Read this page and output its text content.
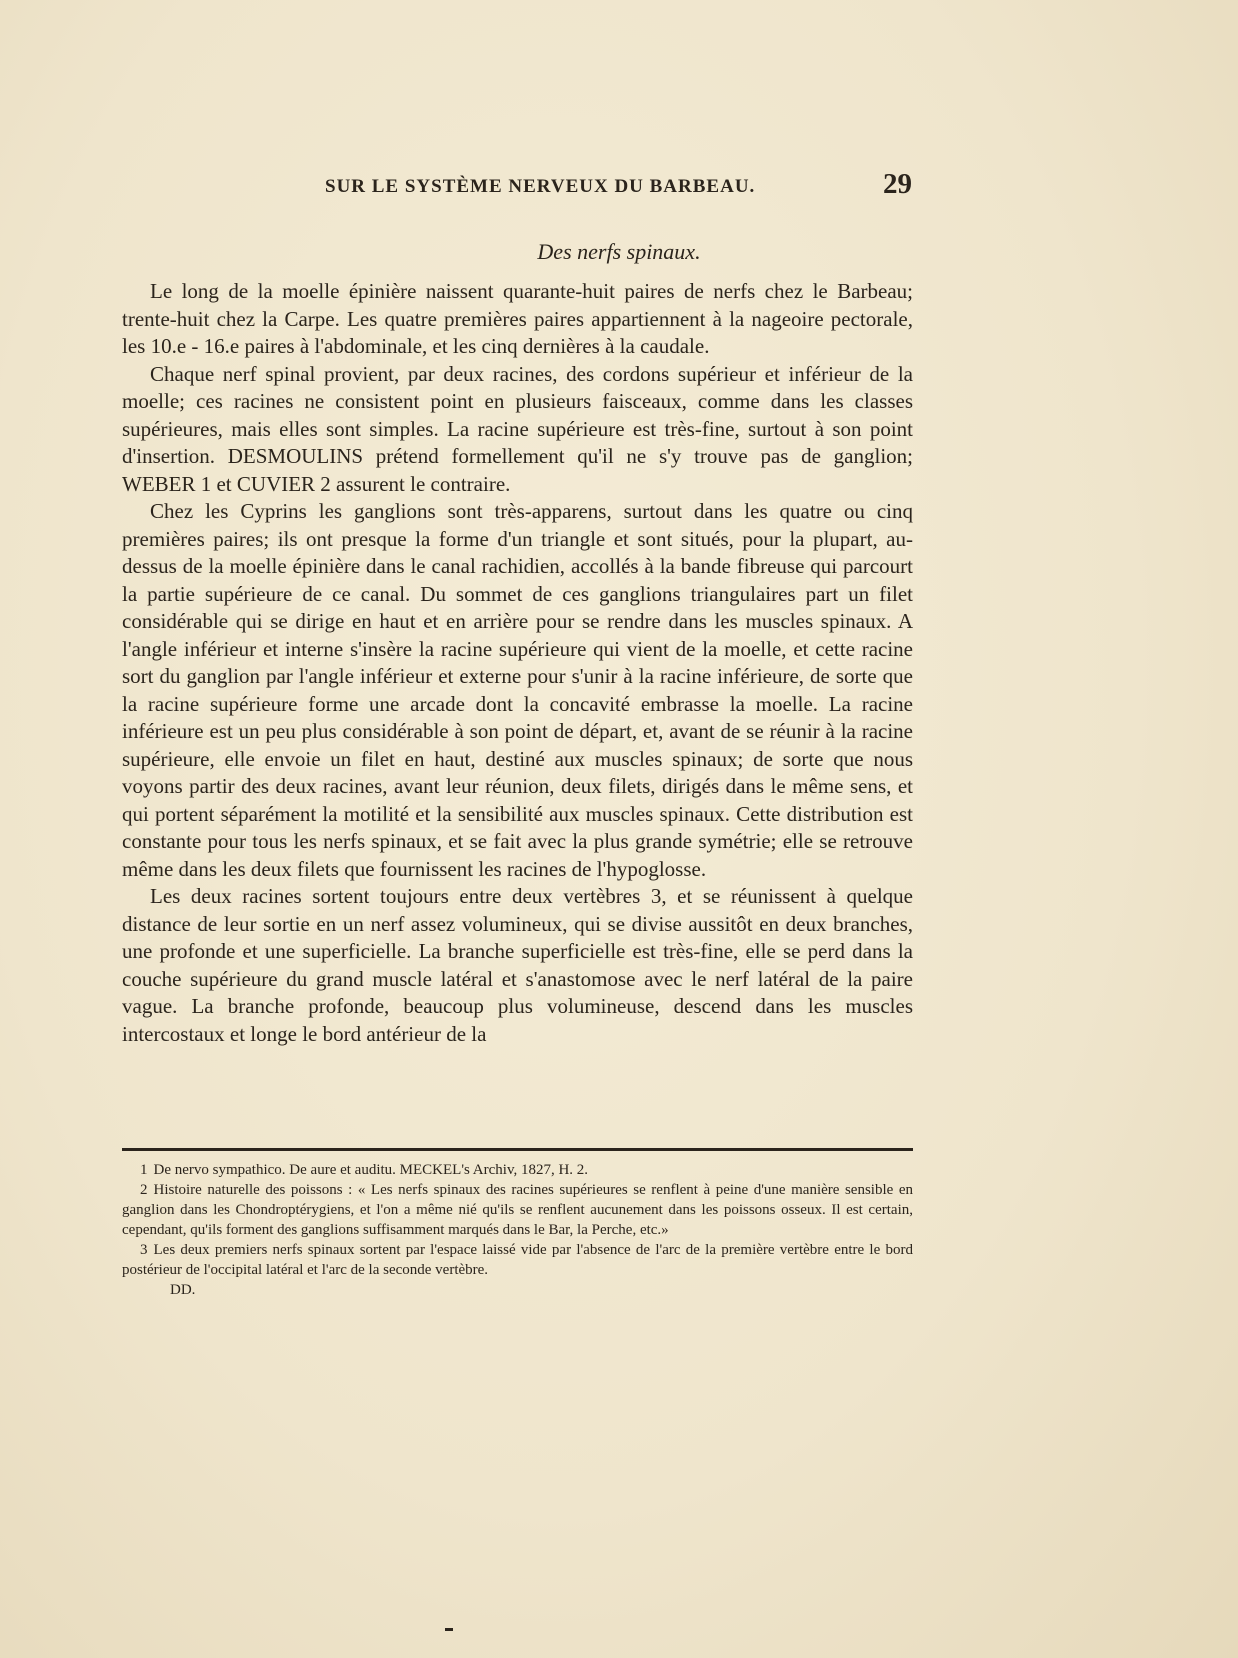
SUR LE SYSTÈME NERVEUX DU BARBEAU.	29
Des nerfs spinaux.

Le long de la moelle épinière naissent quarante-huit paires de nerfs chez le Barbeau; trente-huit chez la Carpe. Les quatre premières paires appartiennent à la nageoire pectorale, les 10.e - 16.e paires à l'abdominale, et les cinq dernières à la caudale.

Chaque nerf spinal provient, par deux racines, des cordons supérieur et inférieur de la moelle; ces racines ne consistent point en plusieurs faisceaux, comme dans les classes supérieures, mais elles sont simples. La racine supérieure est très-fine, surtout à son point d'insertion. DESMOULINS prétend formellement qu'il ne s'y trouve pas de ganglion; WEBER 1 et CUVIER 2 assurent le contraire.

Chez les Cyprins les ganglions sont très-apparens, surtout dans les quatre ou cinq premières paires; ils ont presque la forme d'un triangle et sont situés, pour la plupart, au-dessus de la moelle épinière dans le canal rachidien, accollés à la bande fibreuse qui parcourt la partie supérieure de ce canal. Du sommet de ces ganglions triangulaires part un filet considérable qui se dirige en haut et en arrière pour se rendre dans les muscles spinaux. A l'angle inférieur et interne s'insère la racine supérieure qui vient de la moelle, et cette racine sort du ganglion par l'angle inférieur et externe pour s'unir à la racine inférieure, de sorte que la racine supérieure forme une arcade dont la concavité embrasse la moelle. La racine inférieure est un peu plus considérable à son point de départ, et, avant de se réunir à la racine supérieure, elle envoie un filet en haut, destiné aux muscles spinaux; de sorte que nous voyons partir des deux racines, avant leur réunion, deux filets, dirigés dans le même sens, et qui portent séparément la motilité et la sensibilité aux muscles spinaux. Cette distribution est constante pour tous les nerfs spinaux, et se fait avec la plus grande symétrie; elle se retrouve même dans les deux filets que fournissent les racines de l'hypoglosse.

Les deux racines sortent toujours entre deux vertèbres 3, et se réunissent à quelque distance de leur sortie en un nerf assez volumineux, qui se divise aussitôt en deux branches, une profonde et une superficielle. La branche superficielle est très-fine, elle se perd dans la couche supérieure du grand muscle latéral et s'anastomose avec le nerf latéral de la paire vague. La branche profonde, beaucoup plus volumineuse, descend dans les muscles intercostaux et longe le bord antérieur de la

1 De nervo sympathico. De aure et auditu. MECKEL's Archiv, 1827, H. 2.

2 Histoire naturelle des poissons : « Les nerfs spinaux des racines supérieures se renflent à peine d'une manière sensible en ganglion dans les Chondroptérygiens, et l'on a même nié qu'ils se renflent aucunement dans les poissons osseux. Il est certain, cependant, qu'ils forment des ganglions suffisamment marqués dans le Bar, la Perche, etc.»

3 Les deux premiers nerfs spinaux sortent par l'espace laissé vide par l'absence de l'arc de la première vertèbre entre le bord postérieur de l'occipital latéral et l'arc de la seconde vertèbre.

DD.
